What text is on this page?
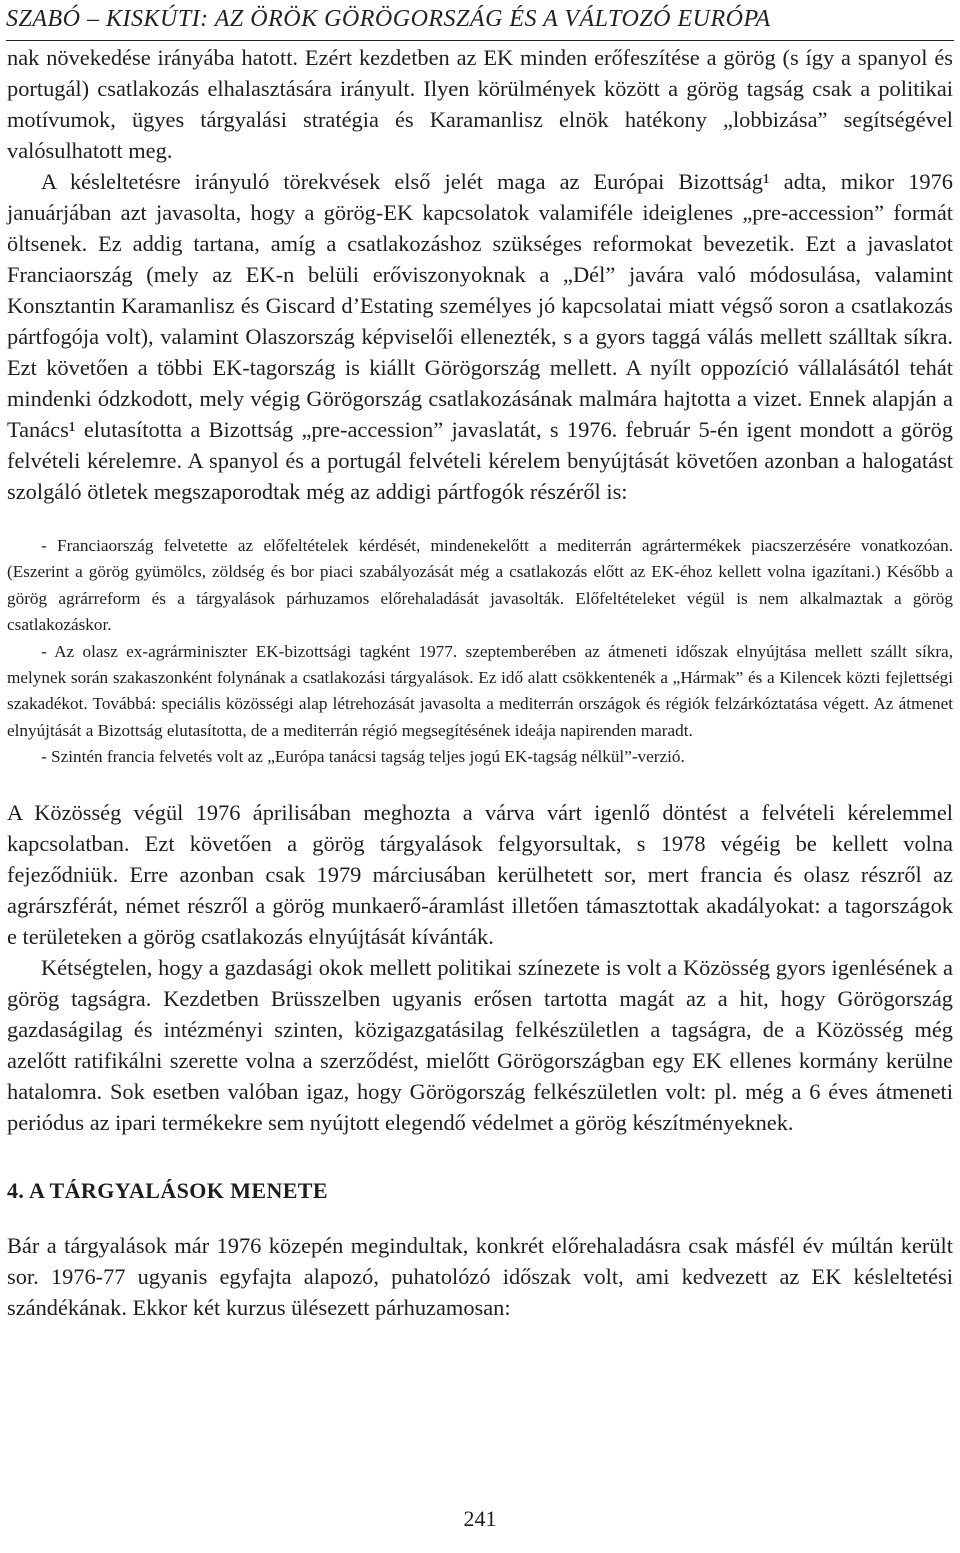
SZABÓ – KISKÚTI: AZ ÖRÖK GÖRÖGORSZÁG ÉS A VÁLTOZÓ EURÓPA

nak növekedése irányába hatott. Ezért kezdetben az EK minden erőfeszítése a görög (s így a spanyol és portugál) csatlakozás elhalasztására irányult. Ilyen körülmények között a görög tagság csak a politikai motívumok, ügyes tárgyalási stratégia és Karamanlisz elnök hatékony „lobbizása” segítségével valósulhatott meg.

A késleltetésre irányuló törekvések első jelét maga az Európai Bizottság¹ adta, mikor 1976 januárjában azt javasolta, hogy a görög-EK kapcsolatok valamiféle ideiglenes „pre-accession” formát öltsenek. Ez addig tartana, amíg a csatlakozáshoz szükséges reformokat bevezetik. Ezt a javaslatot Franciaország (mely az EK-n belüli erőviszonyoknak a „Dél” javára való módosulása, valamint Konsztantin Karamanlisz és Giscard d’Estating személyes jó kapcsolatai miatt végső soron a csatlakozás pártfogója volt), valamint Olaszország képviselői ellenezték, s a gyors taggá válás mellett szálltak síkra. Ezt követően a többi EK-tagország is kiállt Görögország mellett. A nyílt oppozíció vállalásától tehát mindenki ódzkodott, mely végig Görögország csatlakozásának malmára hajtotta a vizet. Ennek alapján a Tanács¹ elutasította a Bizottság „pre-accession” javaslatát, s 1976. február 5-én igent mondott a görög felvételi kérelemre. A spanyol és a portugál felvételi kérelem benyújtását követően azonban a halogatást szolgáló ötletek megszaporodtak még az addigi pártfogók részéről is:

- Franciaország felvetette az előfeltételek kérdését, mindenekelőtt a mediterrán agrártermékek piacszerzésére vonatkozóan. (Eszerint a görög gyümölcs, zöldség és bor piaci szabályozását még a csatlakozás előtt az EK-éhoz kellett volna igazítani.) Később a görög agrárreform és a tárgyalások párhuzamos előrehaladását javasolták. Előfeltételeket végül is nem alkalmaztak a görög csatlakozáskor.

- Az olasz ex-agrárminiszter EK-bizottsági tagként 1977. szeptemberében az átmeneti időszak elnyújtása mellett szállt síkra, melynek során szakaszonként folynának a csatlakozási tárgyalások. Ez idő alatt csökkentenék a „Hármak” és a Kilencek közti fejlettségi szakadékot. Továbbá: speciális közösségi alap létrehozását javasolta a mediterrán országok és régiók felzárkóztatása végett. Az átmenet elnyújtását a Bizottság elutasította, de a mediterrán régió megsegítésének ideája napirenden maradt.

- Szintén francia felvetés volt az „Európa tanácsi tagság teljes jogú EK-tagság nélkül”-verzió.

A Közösség végül 1976 áprilisában meghozta a várva várt igenlő döntést a felvételi kérelemmel kapcsolatban. Ezt követően a görög tárgyalások felgyorsultak, s 1978 végéig be kellett volna fejeződniük. Erre azonban csak 1979 márciusában kerülhetett sor, mert francia és olasz részről az agrárszférát, német részről a görög munkaerő-áramlást illetően támasztottak akadályokat: a tagországok e területeken a görög csatlakozás elnyújtását kívánták.

Kétségtelen, hogy a gazdasági okok mellett politikai színezete is volt a Közösség gyors igenlésének a görög tagságra. Kezdetben Brüsszelben ugyanis erősen tartotta magát az a hit, hogy Görögország gazdaságilag és intézményi szinten, közigazgatásilag felkészületlen a tagságra, de a Közösség még azelőtt ratifikálni szerette volna a szerződést, mielőtt Görögországban egy EK ellenes kormány kerülne hatalomra. Sok esetben valóban igaz, hogy Görögország felkészületlen volt: pl. még a 6 éves átmeneti periódus az ipari termékekre sem nyújtott elegendő védelmet a görög készítményeknek.

4. A TÁRGYALÁSOK MENETE

Bár a tárgyalások már 1976 közepén megindultak, konkrét előrehaladásra csak másfél év múltán került sor. 1976-77 ugyanis egyfajta alapozó, puhatolózó időszak volt, ami kedvezett az EK késleltetési szándékának. Ekkor két kurzus ülésezett párhuzamosan:

241
